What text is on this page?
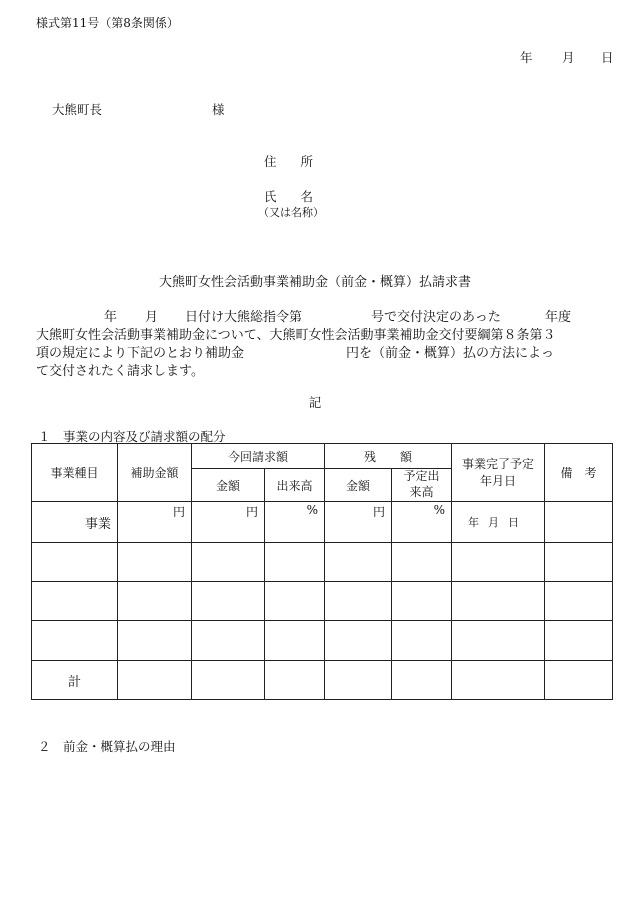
様式第11号（第8条関係）
年 月 日
大熊町長	様
住 所
氏 名
（又は名称）
大熊町女性会活動事業補助金（前金・概算）払請求書
年 月 日付け大熊総指令第	号で交付決定のあった	年度
大熊町女性会活動事業補助金について、大熊町女性会活動事業補助金交付要綱第８条第３
項の規定により下記のとおり補助金	円を（前金・概算）払の方法によっ
て交付されたく請求します。
記
１　事業の内容及び請求額の配分
事業種目	補助金額	今回請求額		残　　額		事業完了予定年月日	備　考
		金額	出来高	金額	予定出来高		
事業	円	円	%	円	%	年月日	

計							
２　前金・概算払の理由
